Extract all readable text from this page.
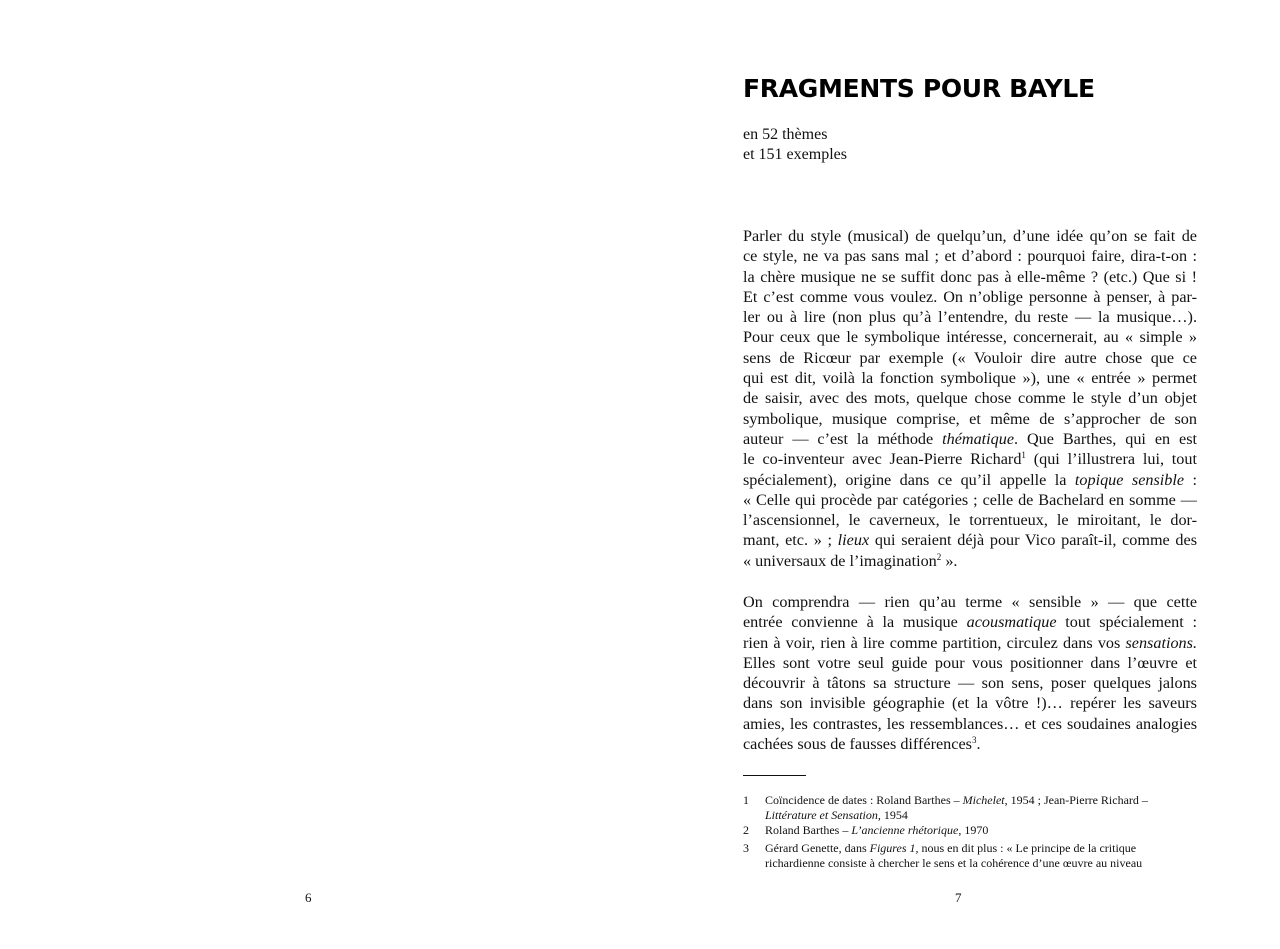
6
FRAGMENTS POUR BAYLE
en 52 thèmes
et 151 exemples
Parler du style (musical) de quelqu’un, d’une idée qu’on se fait de
ce style, ne va pas sans mal ; et d’abord : pourquoi faire, dira-t-on :
la chère musique ne se suffit donc pas à elle-même ? (etc.) Que si !
Et c’est comme vous voulez. On n’oblige personne à penser, à par-
ler ou à lire (non plus qu’à l’entendre, du reste — la musique…).
Pour ceux que le symbolique intéresse, concernerait, au « simple »
sens de Ricœur par exemple (« Vouloir dire autre chose que ce
qui est dit, voilà la fonction symbolique »), une « entrée » permet
de saisir, avec des mots, quelque chose comme le style d’un objet
symbolique, musique comprise, et même de s’approcher de son
auteur — c’est la méthode thématique. Que Barthes, qui en est
le co-inventeur avec Jean-Pierre Richard$^1$ (qui l’illustrera lui, tout
spécialement), origine dans ce qu’il appelle la topique sensible :
« Celle qui procède par catégories ; celle de Bachelard en somme —
l’ascensionnel, le caverneux, le torrentueux, le miroitant, le dor-
mant, etc. » ; lieux qui seraient déjà pour Vico paraît-il, comme des
« universaux de l’imagination$^2$ ».
On comprendra — rien qu’au terme « sensible » — que cette
entrée convienne à la musique acousmatique tout spécialement :
rien à voir, rien à lire comme partition, circulez dans vos sensations.
Elles sont votre seul guide pour vous positionner dans l’œuvre et
découvrir à tâtons sa structure — son sens, poser quelques jalons
dans son invisible géographie (et la vôtre !)… repérer les saveurs
amies, les contrastes, les ressemblances… et ces soudaines analogies
cachées sous de fausses différences$^3$.
1 Coïncidence de dates : Roland Barthes – Michelet, 1954 ; Jean-Pierre Richard –
Littérature et Sensation, 1954
2 Roland Barthes – L’ancienne rhétorique, 1970
3 Gérard Genette, dans Figures 1, nous en dit plus : « Le principe de la critique
richardienne consiste à chercher le sens et la cohérence d’une œuvre au niveau
7
